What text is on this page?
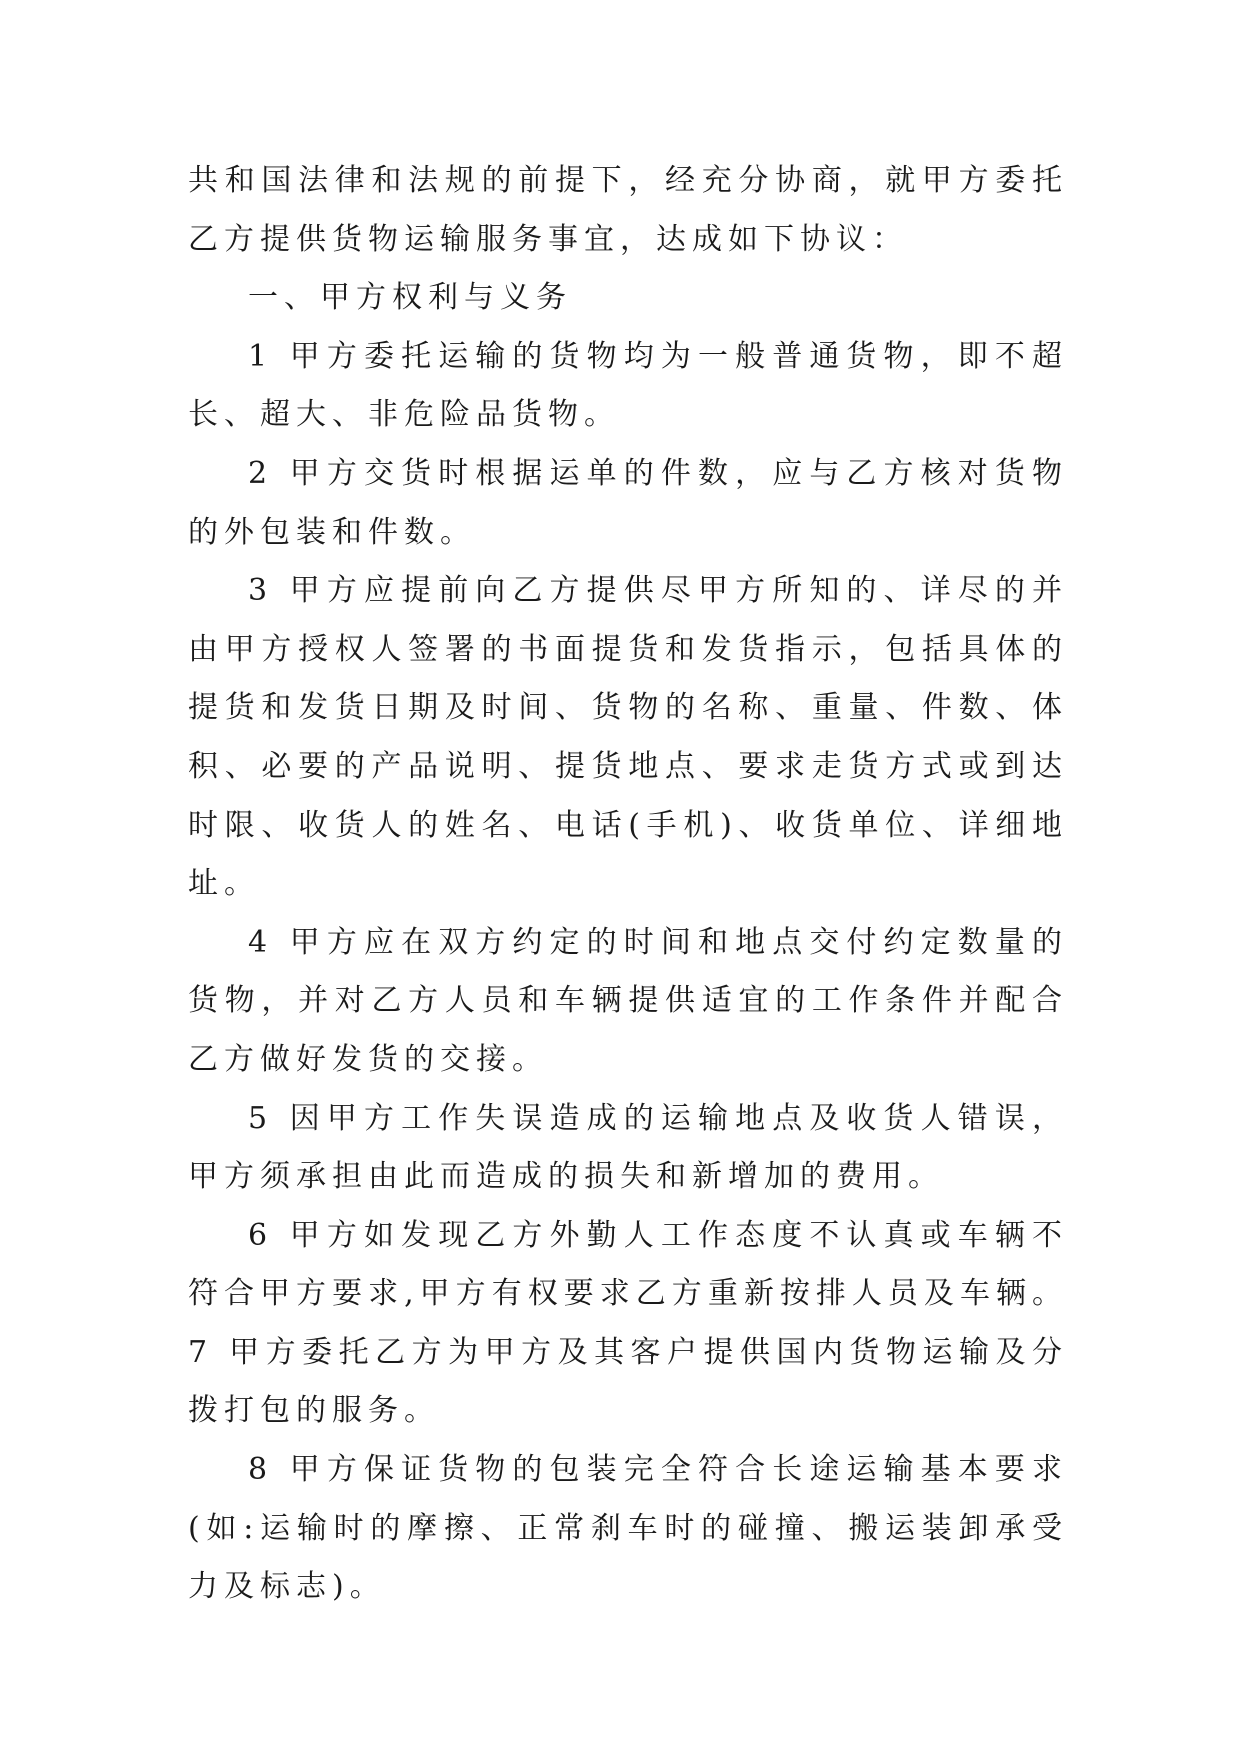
共和国法律和法规的前提下，经充分协商，就甲方委托乙方提供货物运输服务事宜，达成如下协议：

一、甲方权利与义务

1 甲方委托运输的货物均为一般普通货物，即不超长、超大、非危险品货物。

2 甲方交货时根据运单的件数，应与乙方核对货物的外包装和件数。

3 甲方应提前向乙方提供尽甲方所知的、详尽的并由甲方授权人签署的书面提货和发货指示，包括具体的提货和发货日期及时间、货物的名称、重量、件数、体积、必要的产品说明、提货地点、要求走货方式或到达时限、收货人的姓名、电话(手机)、收货单位、详细地址。

4 甲方应在双方约定的时间和地点交付约定数量的货物，并对乙方人员和车辆提供适宜的工作条件并配合乙方做好发货的交接。

5 因甲方工作失误造成的运输地点及收货人错误，甲方须承担由此而造成的损失和新增加的费用。

6 甲方如发现乙方外勤人工作态度不认真或车辆不符合甲方要求,甲方有权要求乙方重新按排人员及车辆。 7 甲方委托乙方为甲方及其客户提供国内货物运输及分拨打包的服务。

8 甲方保证货物的包装完全符合长途运输基本要求(如:运输时的摩擦、正常刹车时的碰撞、搬运装卸承受力及标志)。
